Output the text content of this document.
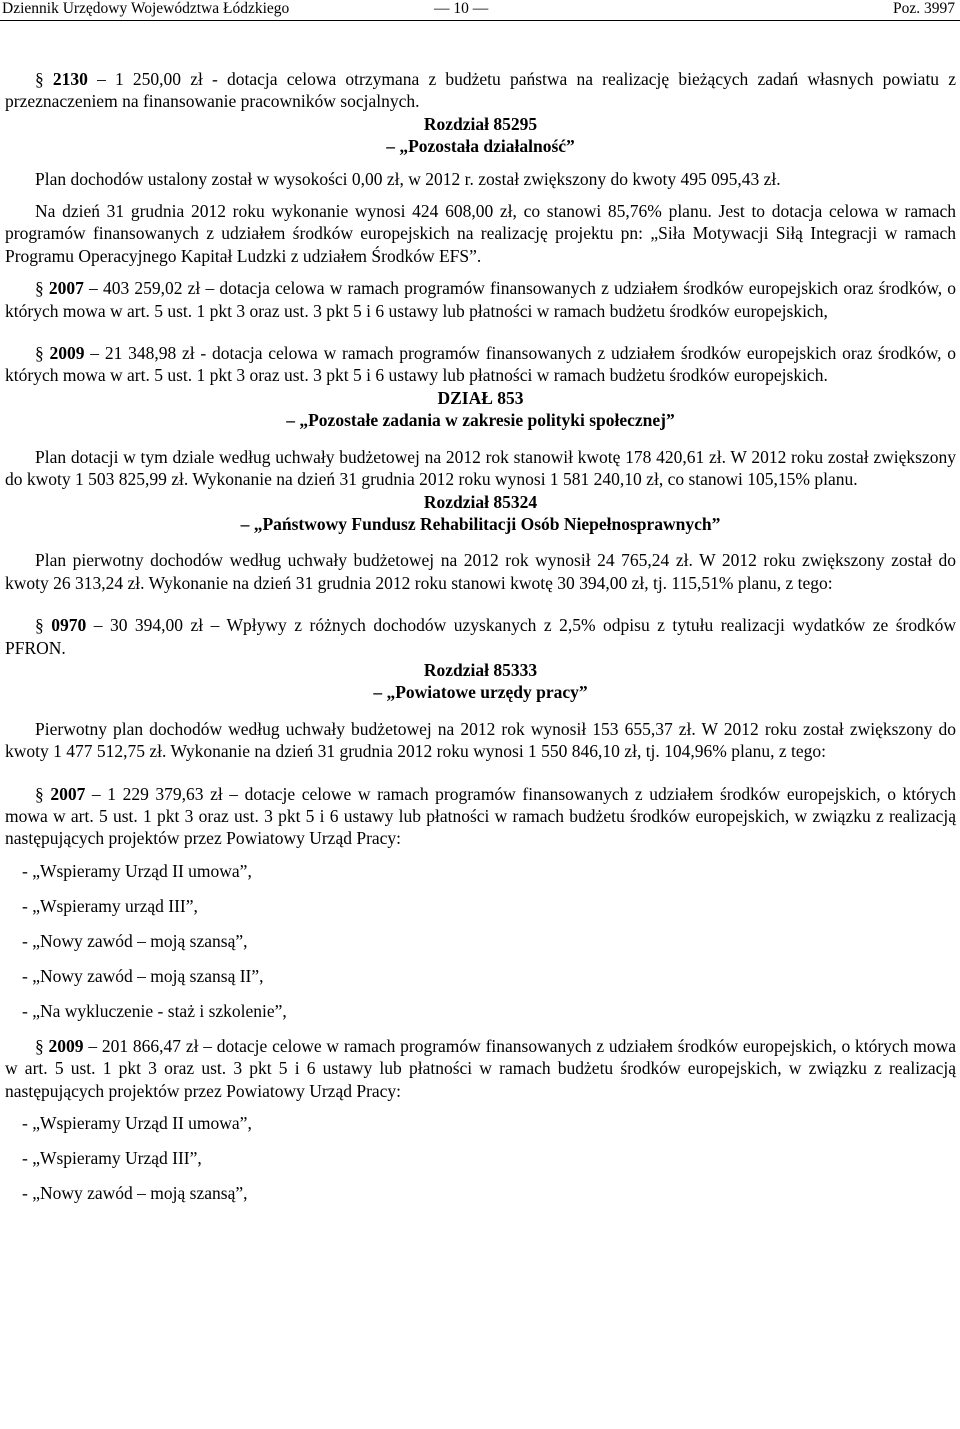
Dziennik Urzędowy Województwa Łódzkiego	— 10 —	Poz. 3997

§ 2130 – 1 250,00 zł - dotacja celowa otrzymana z budżetu państwa na realizację bieżących zadań własnych powiatu z przeznaczeniem na finansowanie pracowników socjalnych.

Rozdział 85295

– „Pozostała działalność”

Plan dochodów ustalony został w wysokości 0,00 zł, w 2012 r. został zwiększony do kwoty 495 095,43 zł.

Na dzień 31 grudnia 2012 roku wykonanie wynosi 424 608,00 zł, co stanowi 85,76% planu. Jest to dotacja celowa w ramach programów finansowanych z udziałem środków europejskich na realizację projektu pn: „Siła Motywacji Siłą Integracji w ramach Programu Operacyjnego Kapitał Ludzki z udziałem Środków EFS”.

§ 2007 – 403 259,02 zł – dotacja celowa w ramach programów finansowanych z udziałem środków europejskich oraz środków, o których mowa w art. 5 ust. 1 pkt 3 oraz ust. 3 pkt 5 i 6 ustawy lub płatności w ramach budżetu środków europejskich,

§ 2009 – 21 348,98 zł - dotacja celowa w ramach programów finansowanych z udziałem środków europejskich oraz środków, o których mowa w art. 5 ust. 1 pkt 3 oraz ust. 3 pkt 5 i 6 ustawy lub płatności w ramach budżetu środków europejskich.

DZIAŁ 853

– „Pozostałe zadania w zakresie polityki społecznej”

Plan dotacji w tym dziale według uchwały budżetowej na 2012 rok stanowił kwotę 178 420,61 zł. W 2012 roku został zwiększony do kwoty 1 503 825,99 zł. Wykonanie na dzień 31 grudnia 2012 roku wynosi 1 581 240,10 zł, co stanowi 105,15% planu.

Rozdział 85324

– „Państwowy Fundusz Rehabilitacji Osób Niepełnosprawnych”

Plan pierwotny dochodów według uchwały budżetowej na 2012 rok wynosił 24 765,24 zł. W 2012 roku zwiększony został do kwoty 26 313,24 zł. Wykonanie na dzień 31 grudnia 2012 roku stanowi kwotę 30 394,00 zł, tj. 115,51% planu, z tego:

§ 0970 – 30 394,00 zł – Wpływy z różnych dochodów uzyskanych z 2,5% odpisu z tytułu realizacji wydatków ze środków PFRON.

Rozdział 85333

– „Powiatowe urzędy pracy”

Pierwotny plan dochodów według uchwały budżetowej na 2012 rok wynosił 153 655,37 zł. W 2012 roku został zwiększony do kwoty 1 477 512,75 zł. Wykonanie na dzień 31 grudnia 2012 roku wynosi 1 550 846,10 zł, tj. 104,96% planu, z tego:

§ 2007 – 1 229 379,63 zł – dotacje celowe w ramach programów finansowanych z udziałem środków europejskich, o których mowa w art. 5 ust. 1 pkt 3 oraz ust. 3 pkt 5 i 6 ustawy lub płatności w ramach budżetu środków europejskich, w związku z realizacją następujących projektów przez Powiatowy Urząd Pracy:

- „Wspieramy Urząd II umowa”,
- „Wspieramy urząd III”,
- „Nowy zawód – moją szansą”,
- „Nowy zawód – moją szansą II”,
- „Na wykluczenie - staż i szkolenie”,

§ 2009 – 201 866,47 zł – dotacje celowe w ramach programów finansowanych z udziałem środków europejskich, o których mowa w art. 5 ust. 1 pkt 3 oraz ust. 3 pkt 5 i 6 ustawy lub płatności w ramach budżetu środków europejskich, w związku z realizacją następujących projektów przez Powiatowy Urząd Pracy:

- „Wspieramy Urząd II umowa”,
- „Wspieramy Urząd III”,
- „Nowy zawód – moją szansą”,
